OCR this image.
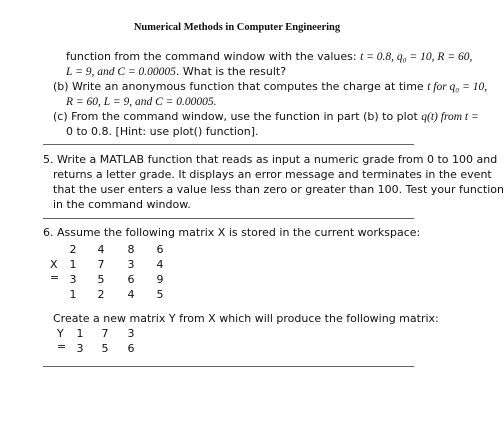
Numerical Methods in Computer Engineering
function from the command window with the values: t = 0.8, q₀ = 10, R = 60,
L = 9, and C = 0.00005. What is the result?
(b) Write an anonymous function that computes the charge at time t for q₀ = 10,
R = 60, L = 9, and C = 0.00005.
(c) From the command window, use the function in part (b) to plot q(t) from t =
0 to 0.8. [Hint: use plot() function].
5. Write a MATLAB function that reads as input a numeric grade from 0 to 100 and
returns a letter grade. It displays an error message and terminates in the event
that the user enters a value less than zero or greater than 100. Test your function
in the command window.
6. Assume the following matrix X is stored in the current workspace:
X =
2	4	8	6
1	7	3	4
3	5	6	9
1	2	4	5
Create a new matrix Y from X which will produce the following matrix:
Y =
1	7	3
3	5	6
